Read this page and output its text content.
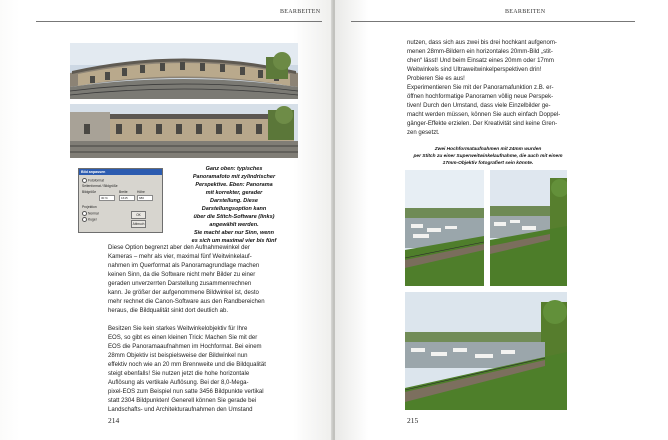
BEARBEITEN
Bild anpassen
Fotoformat
Seitenformat / Bildgröße
Bildgröße	Breite	Höhe
30 %	1615	680
Projektion
Normal
Kugel
OK
Abbruch
Ganz oben: typisches
Panoramafoto mit zylindrischer
Perspektive. Eben: Panorama
mit korrekter, gerader
Darstellung. Diese
Darstellungsoption kann
über die Stitch-Software (links)
angewählt werden.
Sie macht aber nur Sinn, wenn
es sich um maximal vier bis fünf
Diese Option begrenzt aber den Aufnahmewinkel der
Kameras – mehr als vier, maximal fünf Weitwinkelauf-
nahmen im Querformat als Panoramagrundlage machen
keinen Sinn, da die Software nicht mehr Bilder zu einer
geraden unverzerrten Darstellung zusammenrechnen
kann. Je größer der aufgenommene Bildwinkel ist, desto
mehr rechnet die Canon-Software aus den Randbereichen
heraus, die Bildqualität sinkt dort deutlich ab.
Besitzen Sie kein starkes Weitwinkelobjektiv für Ihre
EOS, so gibt es einen kleinen Trick: Machen Sie mit der
EOS die Panoramaaufnahmen im Hochformat. Bei einem
28mm Objektiv ist beispielsweise der Bildwinkel nun
effektiv noch wie an 20 mm Brennweite und die Bildqualität
steigt ebenfalls! Sie nutzen jetzt die hohe horizontale
Auflösung als vertikale Auflösung. Bei der 8,0-Mega-
pixel-EOS zum Beispiel nun satte 3456 Bildpunkte vertikal
statt 2304 Bildpunkten! Generell können Sie gerade bei
Landschafts- und Architekturaufnahmen den Umstand
214
BEARBEITEN
nutzen, dass sich aus zwei bis drei hochkant aufgenom-
menen 28mm-Bildern ein horizontales 20mm-Bild „stit-
chen“ lässt! Und beim Einsatz eines 20mm oder 17mm
Weitwinkels sind Ultraweitwinkelperspektiven drin!
Probieren Sie es aus!
Experimentieren Sie mit der Panoramafunktion z.B. er-
öffnen hochformatige Panoramen völlig neue Perspek-
tiven! Durch den Umstand, dass viele Einzelbilder ge-
macht werden müssen, können Sie auch einfach Doppel-
gänger-Effekte erzielen. Der Kreativität sind keine Gren-
zen gesetzt.
Zwei Hochformataufnahmen mit 24mm wurden
per Stitch zu einer Superweitwinkelaufnahme, die auch mit einem
17mm-Objektiv fotografiert sein könnte.
215
